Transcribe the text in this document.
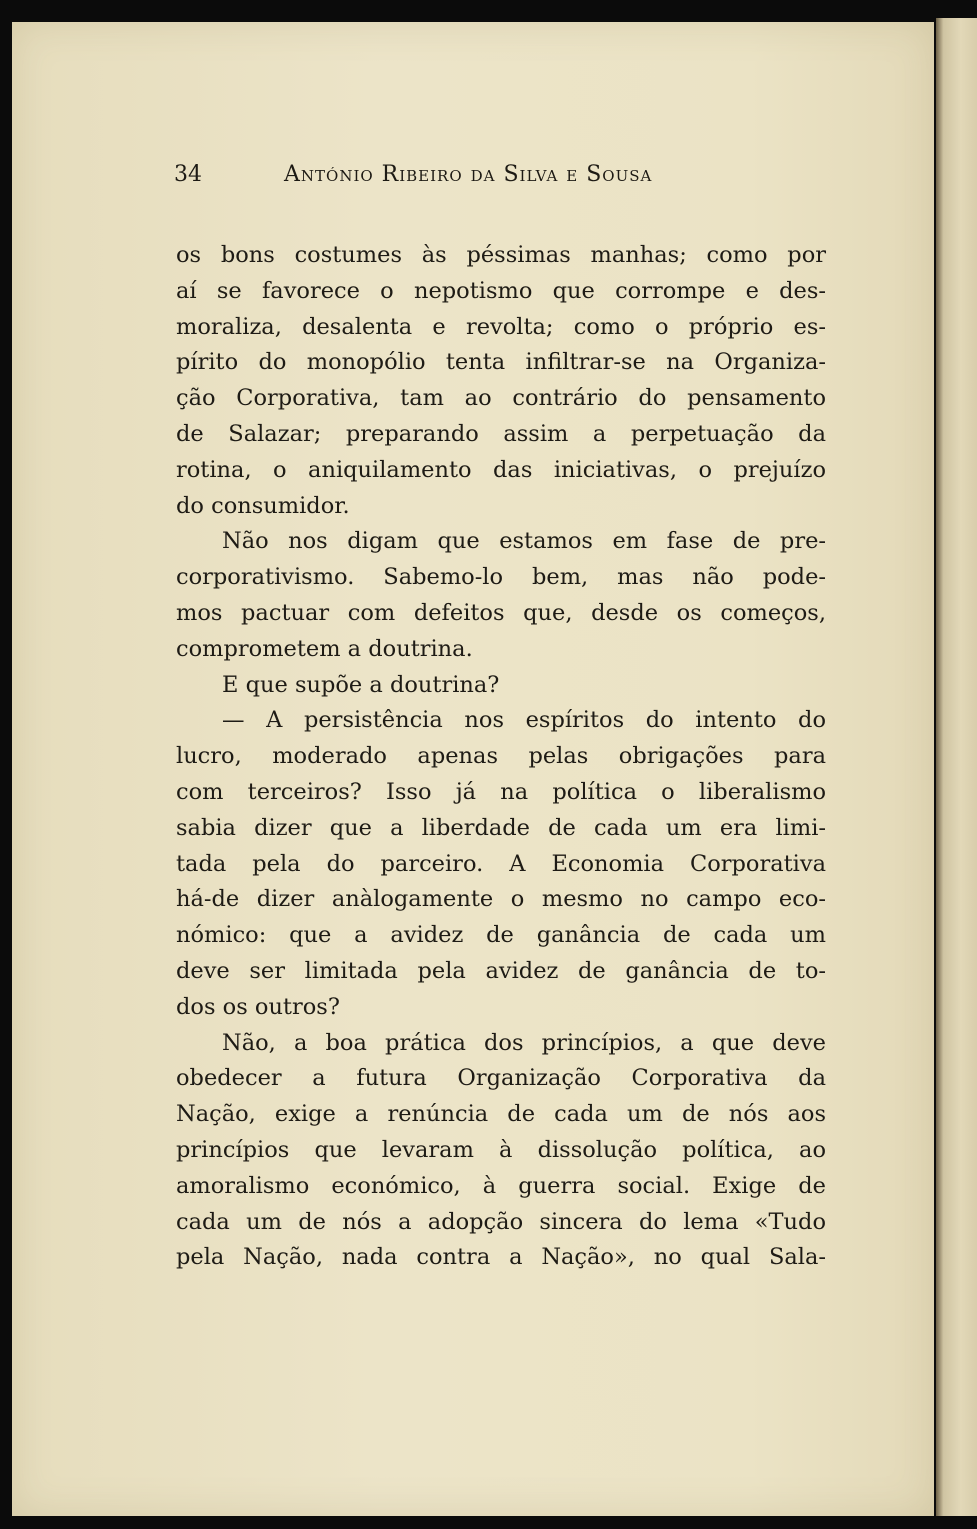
34	António Ribeiro da Silva e Sousa
os bons costumes às péssimas manhas; como por
aí se favorece o nepotismo que corrompe e des-
moraliza, desalenta e revolta; como o próprio es-
pírito do monopólio tenta infiltrar-se na Organiza-
ção Corporativa, tam ao contrário do pensamento
de Salazar; preparando assim a perpetuação da
rotina, o aniquilamento das iniciativas, o prejuízo
do consumidor.
Não nos digam que estamos em fase de pre-
corporativismo. Sabemo-lo bem, mas não pode-
mos pactuar com defeitos que, desde os começos,
comprometem a doutrina.
E que supõe a doutrina?
— A persistência nos espíritos do intento do
lucro, moderado apenas pelas obrigações para
com terceiros? Isso já na política o liberalismo
sabia dizer que a liberdade de cada um era limi-
tada pela do parceiro. A Economia Corporativa
há-de dizer anàlogamente o mesmo no campo eco-
nómico: que a avidez de ganância de cada um
deve ser limitada pela avidez de ganância de to-
dos os outros?
Não, a boa prática dos princípios, a que deve
obedecer a futura Organização Corporativa da
Nação, exige a renúncia de cada um de nós aos
princípios que levaram à dissolução política, ao
amoralismo económico, à guerra social. Exige de
cada um de nós a adopção sincera do lema «Tudo
pela Nação, nada contra a Nação», no qual Sala-
